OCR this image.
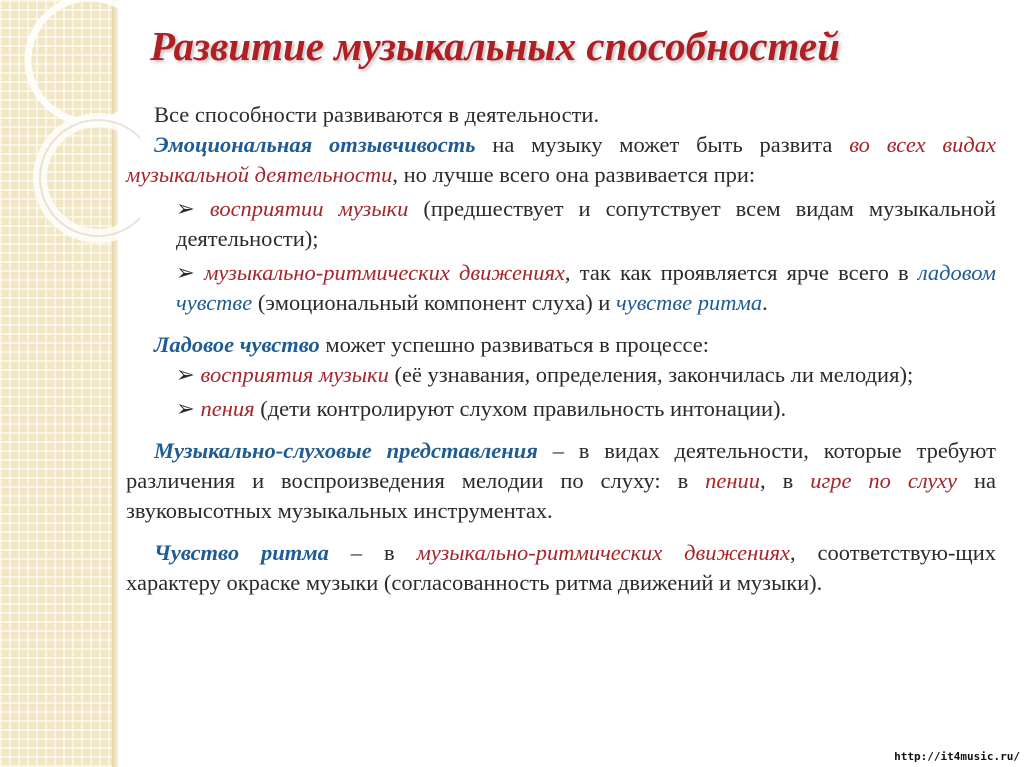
Развитие музыкальных способностей

Все способности развиваются в деятельности.

Эмоциональная отзывчивость на музыку может быть развита во всех видах музыкальной деятельности, но лучше всего она развивается при:

➢ восприятии музыки (предшествует и сопутствует всем видам музыкальной деятельности);

➢ музыкально-ритмических движениях, так как проявляется ярче всего в ладовом чувстве (эмоциональный компонент слуха) и чувстве ритма.

Ладовое чувство может успешно развиваться в процессе:

➢ восприятия музыки (её узнавания, определения, закончилась ли мелодия);

➢ пения (дети контролируют слухом правильность интонации).

Музыкально-слуховые представления – в видах деятельности, которые требуют различения и воспроизведения мелодии по слуху: в пении, в игре по слуху на звуковысотных музыкальных инструментах.

Чувство ритма – в музыкально-ритмических движениях, соответствую-щих характеру окраске музыки (согласованность ритма движений и музыки).

http://it4music.ru/
